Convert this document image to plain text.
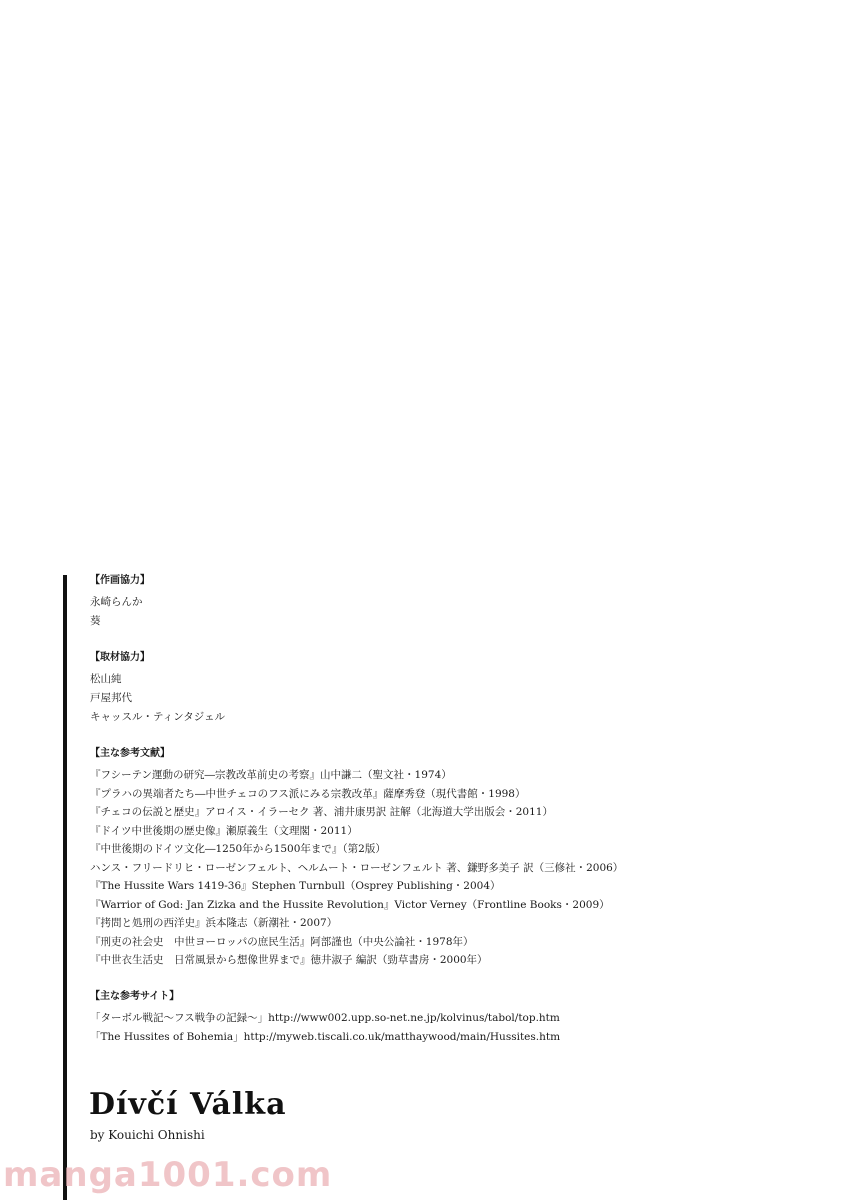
【作画協力】
永崎らんか
葵
【取材協力】
松山純
戸屋邦代
キャッスル・ティンタジェル
【主な参考文献】
『フシーテン運動の研究―宗教改革前史の考察』山中謙二（聖文社・1974）
『プラハの異端者たち―中世チェコのフス派にみる宗教改革』薩摩秀登（現代書館・1998）
『チェコの伝説と歴史』アロイス・イラーセク 著、浦井康男訳 註解（北海道大学出版会・2011）
『ドイツ中世後期の歴史像』瀬原義生（文理閣・2011）
『中世後期のドイツ文化―1250年から1500年まで』（第2版）
ハンス・フリードリヒ・ローゼンフェルト、ヘルムート・ローゼンフェルト 著、鎌野多美子 訳（三修社・2006）
『The Hussite Wars 1419-36』Stephen Turnbull（Osprey Publishing・2004）
『Warrior of God: Jan Zizka and the Hussite Revolution』Victor Verney（Frontline Books・2009）
『拷問と処刑の西洋史』浜本隆志（新潮社・2007）
『刑吏の社会史　中世ヨーロッパの庶民生活』阿部謹也（中央公論社・1978年）
『中世衣生活史　日常風景から想像世界まで』徳井淑子 編訳（勁草書房・2000年）
【主な参考サイト】
「ターボル戦記〜フス戦争の記録〜」http://www002.upp.so-net.ne.jp/kolvinus/tabol/top.htm
「The Hussites of Bohemia」http://myweb.tiscali.co.uk/matthaywood/main/Hussites.htm
Dívčí Válka
by Kouichi Ohnishi
manga1001.com
